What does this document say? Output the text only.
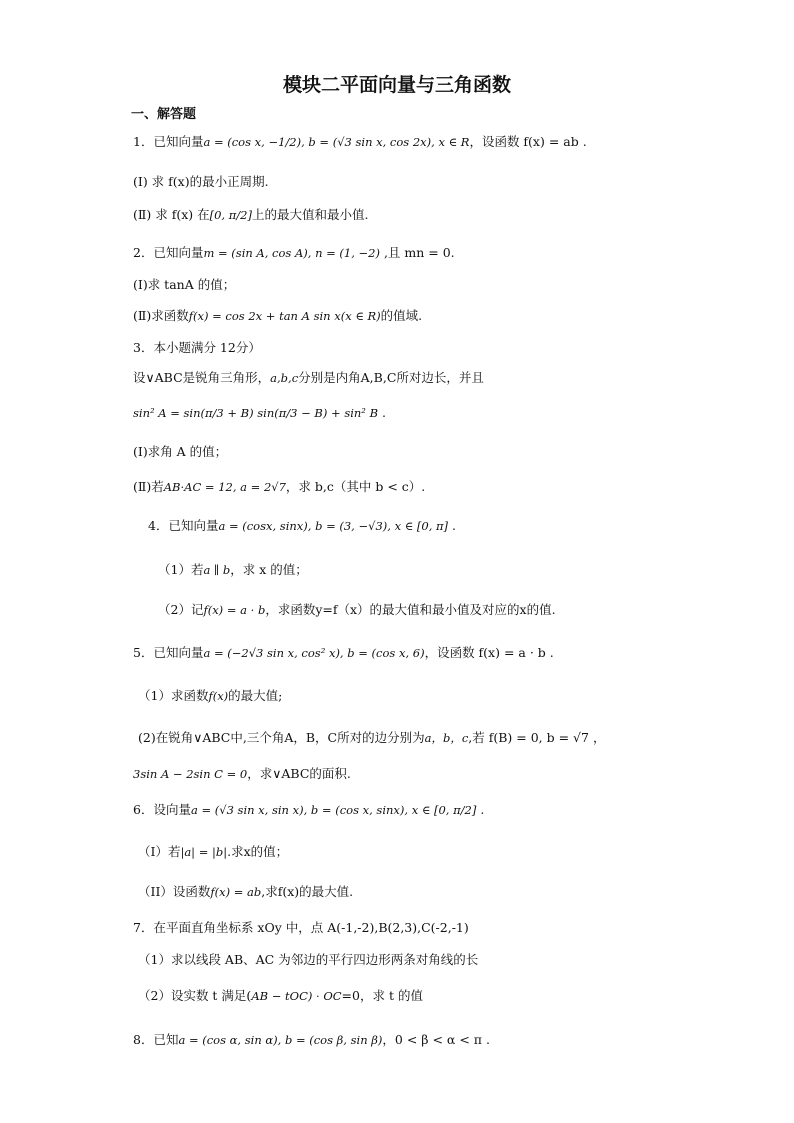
模块二平面向量与三角函数
一、解答题
1．已知向量a = (cos x, −1/2), b = (√3 sin x, cos 2x), x ∈ R，设函数 f(x) = ab .
(Ⅰ) 求 f(x)的最小正周期.
(Ⅱ) 求 f(x) 在[0, π/2]上的最大值和最小值.
2．已知向量m = (sin A, cos A), n = (1, −2) ,且 mn = 0.
(Ⅰ)求 tanA 的值；
(Ⅱ)求函数f(x) = cos 2x + tan A sin x(x ∈ R)的值域.
3．本小题满分 12分）
设∨ABC是锐角三角形，a,b,c分别是内角A,B,C所对边长，并且
sin² A = sin(π/3 + B) sin(π/3 − B) + sin² B .
(Ⅰ)求角 A 的值；
(Ⅱ)若AB·AC = 12, a = 2√7，求 b,c（其中 b < c）.
4．已知向量a = (cosx, sinx), b = (3, −√3), x ∈ [0, π] .
（1）若a ∥ b，求 x 的值；
（2）记f(x) = a · b，求函数y=f（x）的最大值和最小值及对应的x的值.
5．已知向量a = (−2√3 sin x, cos² x), b = (cos x, 6)，设函数 f(x) = a · b .
（1）求函数f(x)的最大值;
(2)在锐角∨ABC中,三个角A，B，C所对的边分别为a，b，c,若 f(B) = 0, b = √7 ，
3sin A − 2sin C = 0，求∨ABC的面积.
6．设向量a = (√3 sin x, sin x), b = (cos x, sinx), x ∈ [0, π/2] .
（I）若|a| = |b|.求x的值；
（II）设函数f(x) = ab,求f(x)的最大值.
7．在平面直角坐标系 xOy 中，点 A(-1,-2),B(2,3),C(-2,-1)
（1）求以线段 AB、AC 为邻边的平行四边形两条对角线的长
（2）设实数 t 满足(AB − tOC) · OC=0，求 t 的值
8．已知a = (cos α, sin α), b = (cos β, sin β)，0 < β < α < π .
